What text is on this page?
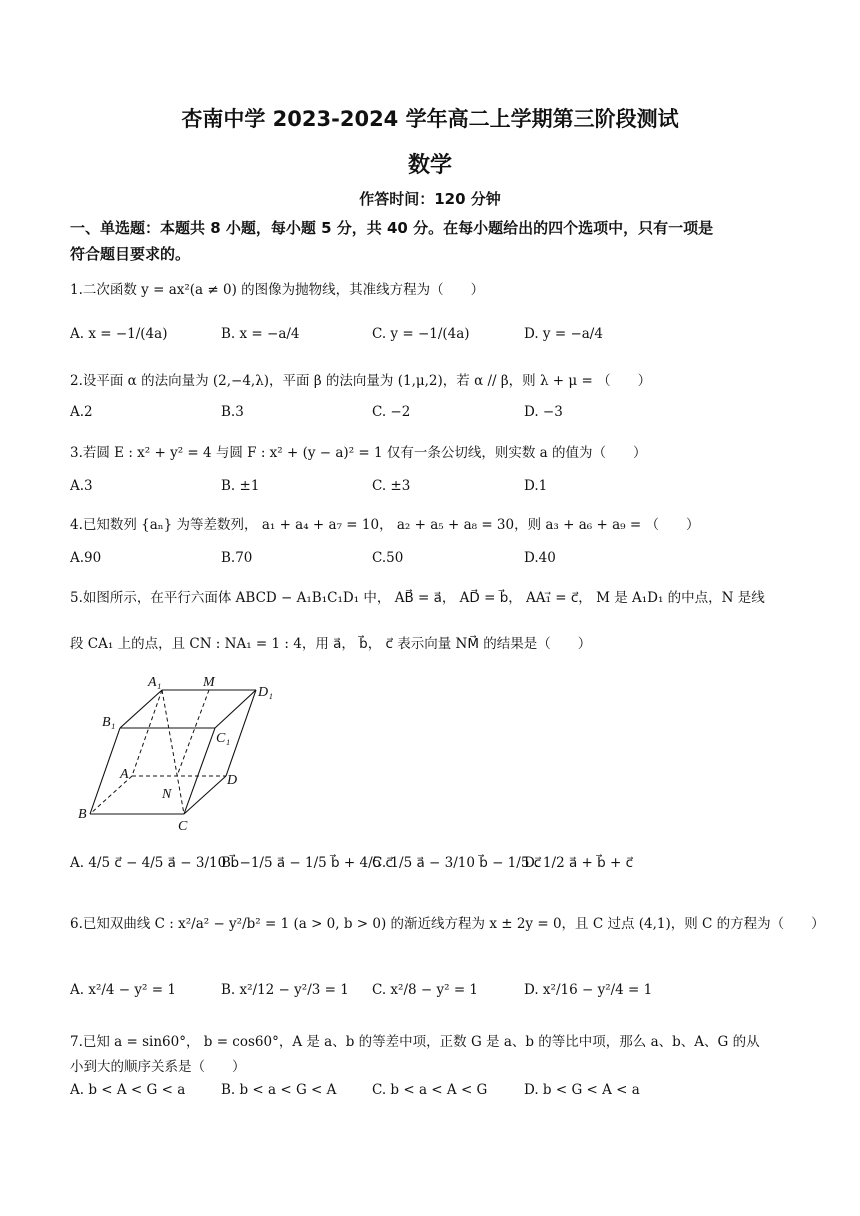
杏南中学 2023-2024 学年高二上学期第三阶段测试
数学
作答时间：120 分钟
一、单选题：本题共 8 小题，每小题 5 分，共 40 分。在每小题给出的四个选项中，只有一项是
符合题目要求的。
1.二次函数 y = ax²(a ≠ 0) 的图像为抛物线，其准线方程为（　　）
A. x = −1/(4a)	B. x = −a/4	C. y = −1/(4a)	D. y = −a/4
2.设平面 α 的法向量为 (2,−4,λ)，平面 β 的法向量为 (1,μ,2)，若 α // β，则 λ + μ = （　　）
A.2	B.3	C. −2	D. −3
3.若圆 E : x² + y² = 4 与圆 F : x² + (y − a)² = 1 仅有一条公切线，则实数 a 的值为（　　）
A.3	B. ±1	C. ±3	D.1
4.已知数列 {aₙ} 为等差数列， a₁ + a₄ + a₇ = 10， a₂ + a₅ + a₈ = 30，则 a₃ + a₆ + a₉ = （　　）
A.90	B.70	C.50	D.40
5.如图所示，在平行六面体 ABCD − A₁B₁C₁D₁ 中， AB⃗ = a⃗， AD⃗ = b⃗， AA₁⃗ = c⃗， M 是 A₁D₁ 的中点，N 是线
段 CA₁ 上的点，且 CN : NA₁ = 1 : 4，用 a⃗， b⃗， c⃗ 表示向量 NM⃗ 的结果是（　　）
A₁	M
D₁
B₁
C₁
A	D
N
B
C
A. 4/5 c⃗ − 4/5 a⃗ − 3/10 b⃗
B. −1/5 a⃗ − 1/5 b⃗ + 4/5 c⃗
C. 1/5 a⃗ − 3/10 b⃗ − 1/5 c⃗
D. 1/2 a⃗ + b⃗ + c⃗
6.已知双曲线 C : x²/a² − y²/b² = 1 (a > 0, b > 0) 的渐近线方程为 x ± 2y = 0，且 C 过点 (4,1)，则 C 的方程为（　　）
A. x²/4 − y² = 1	B. x²/12 − y²/3 = 1 C. x²/8 − y² = 1	D. x²/16 − y²/4 = 1
7.已知 a = sin60°， b = cos60°，A 是 a、b 的等差中项，正数 G 是 a、b 的等比中项，那么 a、b、A、G 的从
小到大的顺序关系是（　　）
A. b < A < G < a	B. b < a < G < A	C. b < a < A < G	D. b < G < A < a
